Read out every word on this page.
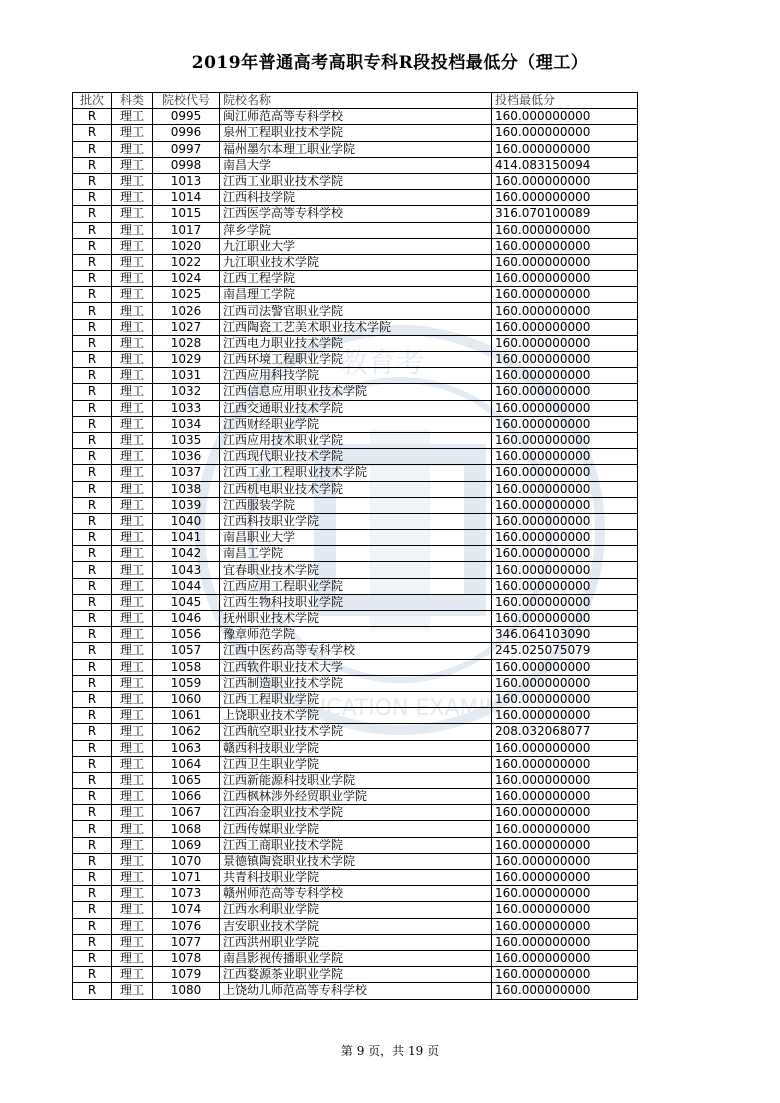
2019年普通高考高职专科R段投档最低分（理工）
教育考
UCATION EXAMIN
批次	科类	院校代号	院校名称	投档最低分
R	理工	0995	闽江师范高等专科学校	160.000000000
R	理工	0996	泉州工程职业技术学院	160.000000000
R	理工	0997	福州墨尔本理工职业学院	160.000000000
R	理工	0998	南昌大学	414.083150094
R	理工	1013	江西工业职业技术学院	160.000000000
R	理工	1014	江西科技学院	160.000000000
R	理工	1015	江西医学高等专科学校	316.070100089
R	理工	1017	萍乡学院	160.000000000
R	理工	1020	九江职业大学	160.000000000
R	理工	1022	九江职业技术学院	160.000000000
R	理工	1024	江西工程学院	160.000000000
R	理工	1025	南昌理工学院	160.000000000
R	理工	1026	江西司法警官职业学院	160.000000000
R	理工	1027	江西陶瓷工艺美术职业技术学院	160.000000000
R	理工	1028	江西电力职业技术学院	160.000000000
R	理工	1029	江西环境工程职业学院	160.000000000
R	理工	1031	江西应用科技学院	160.000000000
R	理工	1032	江西信息应用职业技术学院	160.000000000
R	理工	1033	江西交通职业技术学院	160.000000000
R	理工	1034	江西财经职业学院	160.000000000
R	理工	1035	江西应用技术职业学院	160.000000000
R	理工	1036	江西现代职业技术学院	160.000000000
R	理工	1037	江西工业工程职业技术学院	160.000000000
R	理工	1038	江西机电职业技术学院	160.000000000
R	理工	1039	江西服装学院	160.000000000
R	理工	1040	江西科技职业学院	160.000000000
R	理工	1041	南昌职业大学	160.000000000
R	理工	1042	南昌工学院	160.000000000
R	理工	1043	宜春职业技术学院	160.000000000
R	理工	1044	江西应用工程职业学院	160.000000000
R	理工	1045	江西生物科技职业学院	160.000000000
R	理工	1046	抚州职业技术学院	160.000000000
R	理工	1056	豫章师范学院	346.064103090
R	理工	1057	江西中医药高等专科学校	245.025075079
R	理工	1058	江西软件职业技术大学	160.000000000
R	理工	1059	江西制造职业技术学院	160.000000000
R	理工	1060	江西工程职业学院	160.000000000
R	理工	1061	上饶职业技术学院	160.000000000
R	理工	1062	江西航空职业技术学院	208.032068077
R	理工	1063	赣西科技职业学院	160.000000000
R	理工	1064	江西卫生职业学院	160.000000000
R	理工	1065	江西新能源科技职业学院	160.000000000
R	理工	1066	江西枫林涉外经贸职业学院	160.000000000
R	理工	1067	江西冶金职业技术学院	160.000000000
R	理工	1068	江西传媒职业学院	160.000000000
R	理工	1069	江西工商职业技术学院	160.000000000
R	理工	1070	景德镇陶瓷职业技术学院	160.000000000
R	理工	1071	共青科技职业学院	160.000000000
R	理工	1073	赣州师范高等专科学校	160.000000000
R	理工	1074	江西水利职业学院	160.000000000
R	理工	1076	吉安职业技术学院	160.000000000
R	理工	1077	江西洪州职业学院	160.000000000
R	理工	1078	南昌影视传播职业学院	160.000000000
R	理工	1079	江西婺源茶业职业学院	160.000000000
R	理工	1080	上饶幼儿师范高等专科学校	160.000000000
第 9 页，共 19 页
